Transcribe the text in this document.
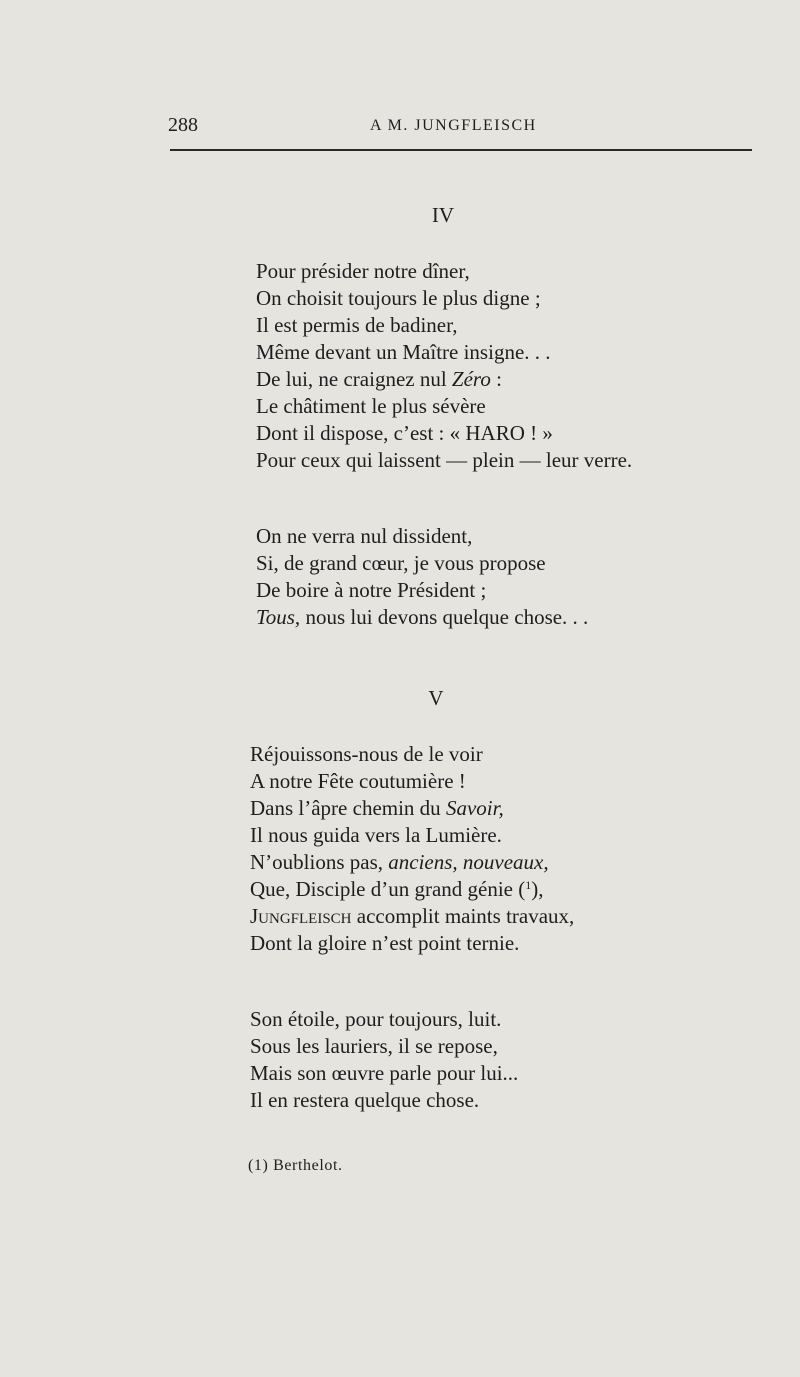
288	A M. JUNGFLEISCH
IV
Pour présider notre dîner,
On choisit toujours le plus digne ;
Il est permis de badiner,
Même devant un Maître insigne. . .
De lui, ne craignez nul Zéro :
Le châtiment le plus sévère
Dont il dispose, c’est : « HARO ! »
Pour ceux qui laissent — plein — leur verre.
On ne verra nul dissident,
Si, de grand cœur, je vous propose
De boire à notre Président ;
Tous, nous lui devons quelque chose. . .
V
Réjouissons-nous de le voir
A notre Fête coutumière !
Dans l’âpre chemin du Savoir,
Il nous guida vers la Lumière.
N’oublions pas, anciens, nouveaux,
Que, Disciple d’un grand génie ($^1$),
Jungfleisch accomplit maints travaux,
Dont la gloire n’est point ternie.
Son étoile, pour toujours, luit.
Sous les lauriers, il se repose,
Mais son œuvre parle pour lui...
Il en restera quelque chose.
(1) Berthelot.
